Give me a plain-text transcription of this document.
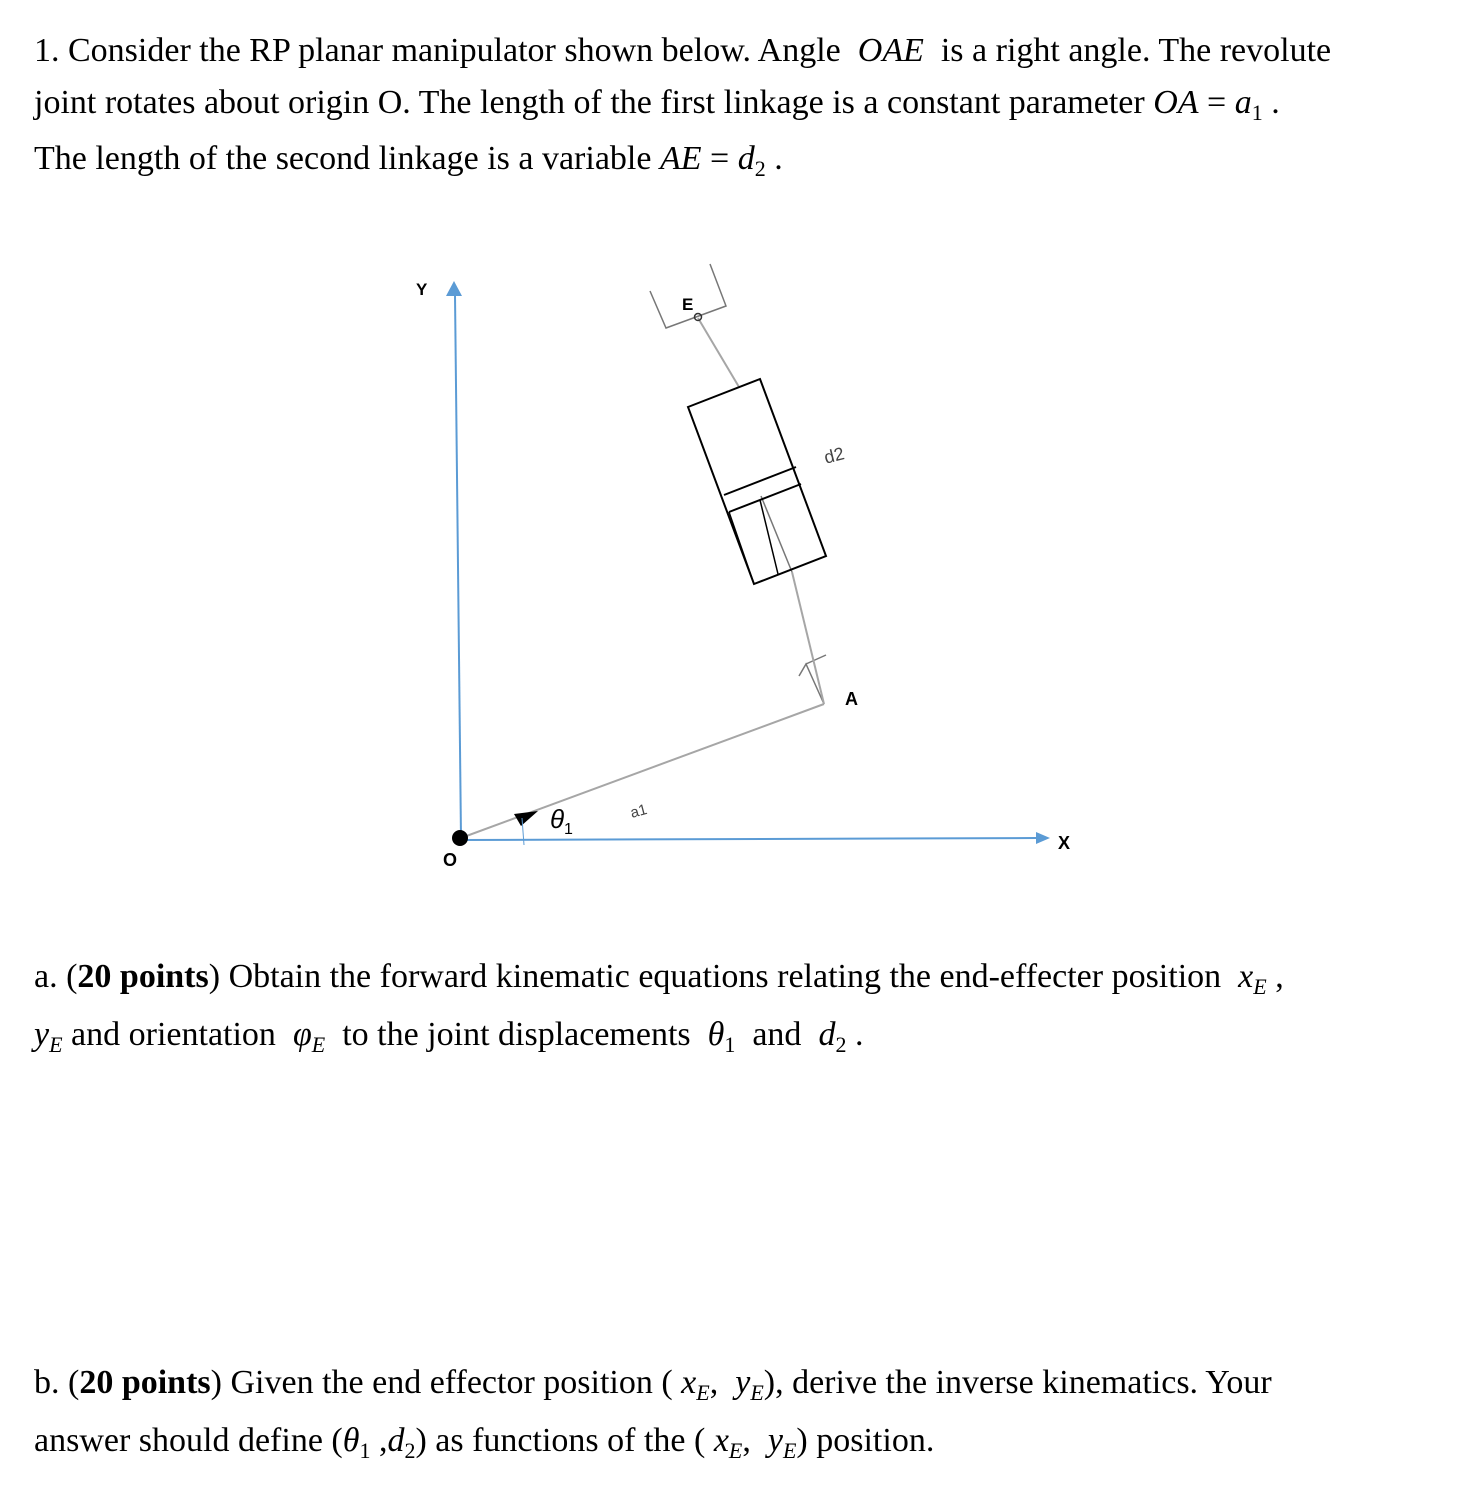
1. Consider the RP planar manipulator shown below. Angle OAE is a right angle. The revolute
joint rotates about origin O. The length of the first linkage is a constant parameter OA = $a_1$ .
The length of the second linkage is a variable AE = $d_2$ .
Y
X
O
A
E
d2
a1
θ 1
a. (20 points) Obtain the forward kinematic equations relating the end-effecter position $x_E$ ,
$y_E$ and orientation $\varphi_E$ to the joint displacements $\theta_1$ and $d_2$ .
b. (20 points) Given the end effector position ( $x_E$, $y_E$), derive the inverse kinematics. Your
answer should define ($\theta_1$ $,d_2$) as functions of the ( $x_E$, $y_E$) position.
